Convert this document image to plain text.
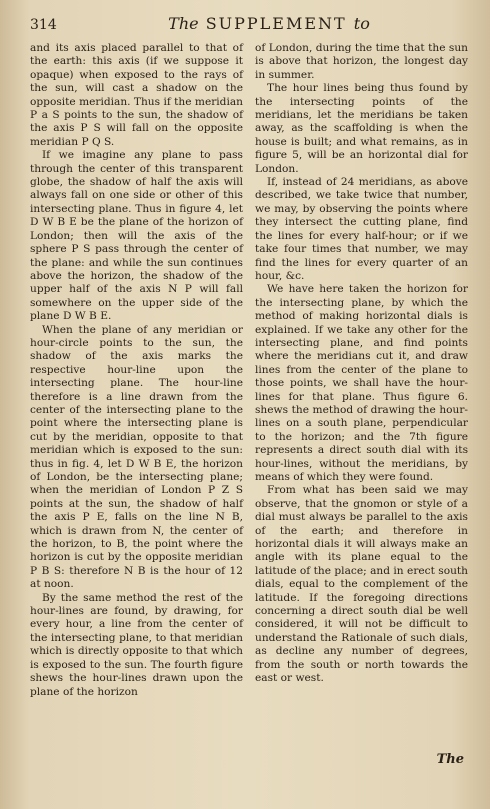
314	The SUPPLEMENT to

and its axis placed parallel to that of the earth: this axis (if we suppose it opaque) when exposed to the rays of the sun, will cast a shadow on the opposite meridian. Thus if the meridian P a S points to the sun, the shadow of the axis P S will fall on the opposite meridian P Q S.

If we imagine any plane to pass through the center of this transparent globe, the shadow of half the axis will always fall on one side or other of this intersecting plane. Thus in figure 4, let D W B E be the plane of the horizon of London; then will the axis of the sphere P S pass through the center of the plane: and while the sun continues above the horizon, the shadow of the upper half of the axis N P will fall somewhere on the upper side of the plane D W B E.

When the plane of any meridian or hour-circle points to the sun, the shadow of the axis marks the respective hour-line upon the intersecting plane. The hour-line therefore is a line drawn from the center of the intersecting plane to the point where the intersecting plane is cut by the meridian, opposite to that meridian which is exposed to the sun: thus in fig. 4, let D W B E, the horizon of London, be the intersecting plane; when the meridian of London P Z S points at the sun, the shadow of half the axis P E, falls on the line N B, which is drawn from N, the center of the horizon, to B, the point where the horizon is cut by the opposite meridian P B S: therefore N B is the hour of 12 at noon.

By the same method the rest of the hour-lines are found, by drawing, for every hour, a line from the center of the intersecting plane, to that meridian which is directly opposite to that which is exposed to the sun. The fourth figure shews the hour-lines drawn upon the plane of the horizon

of London, during the time that the sun is above that horizon, the longest day in summer.

The hour lines being thus found by the intersecting points of the meridians, let the meridians be taken away, as the scaffolding is when the house is built; and what remains, as in figure 5, will be an horizontal dial for London.

If, instead of 24 meridians, as above described, we take twice that number, we may, by observing the points where they intersect the cutting plane, find the lines for every half-hour; or if we take four times that number, we may find the lines for every quarter of an hour, &c.

We have here taken the horizon for the intersecting plane, by which the method of making horizontal dials is explained. If we take any other for the intersecting plane, and find points where the meridians cut it, and draw lines from the center of the plane to those points, we shall have the hour-lines for that plane. Thus figure 6. shews the method of drawing the hour-lines on a south plane, perpendicular to the horizon; and the 7th figure represents a direct south dial with its hour-lines, without the meridians, by means of which they were found.

From what has been said we may observe, that the gnomon or style of a dial must always be parallel to the axis of the earth; and therefore in horizontal dials it will always make an angle with its plane equal to the latitude of the place; and in erect south dials, equal to the complement of the latitude. If the foregoing directions concerning a direct south dial be well considered, it will not be difficult to understand the Rationale of such dials, as decline any number of degrees, from the south or north towards the east or west.

The
